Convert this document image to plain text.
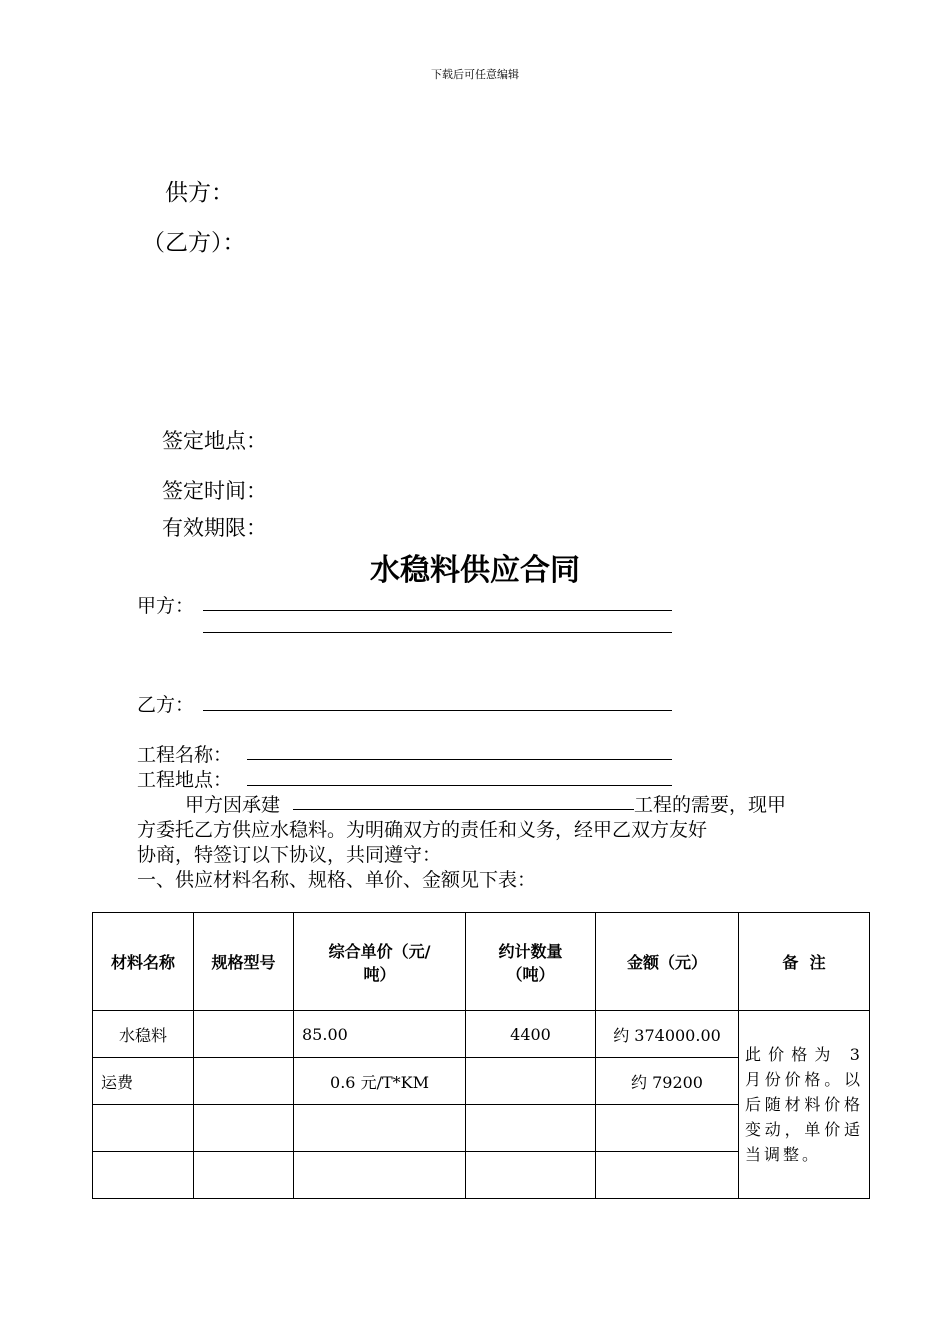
下载后可任意编辑
供方：
（乙方）：
签定地点：
签定时间：
有效期限：
水稳料供应合同
甲方：
乙方：
工程名称：
工程地点：
甲方因承建	工程的需要，现甲
方委托乙方供应水稳料。为明确双方的责任和义务，经甲乙双方友好
协商，特签订以下协议，共同遵守：
一、供应材料名称、规格、单价、金额见下表：
材料名称	规格型号	综合单价（元/吨）	约计数量（吨）	金额（元）	备  注
水稳料		85.00	4400	约 374000.00	此价格为 3 月份价格。以后随材料价格变动，单价适当调整。
运费		0.6 元/T*KM		约 79200	
